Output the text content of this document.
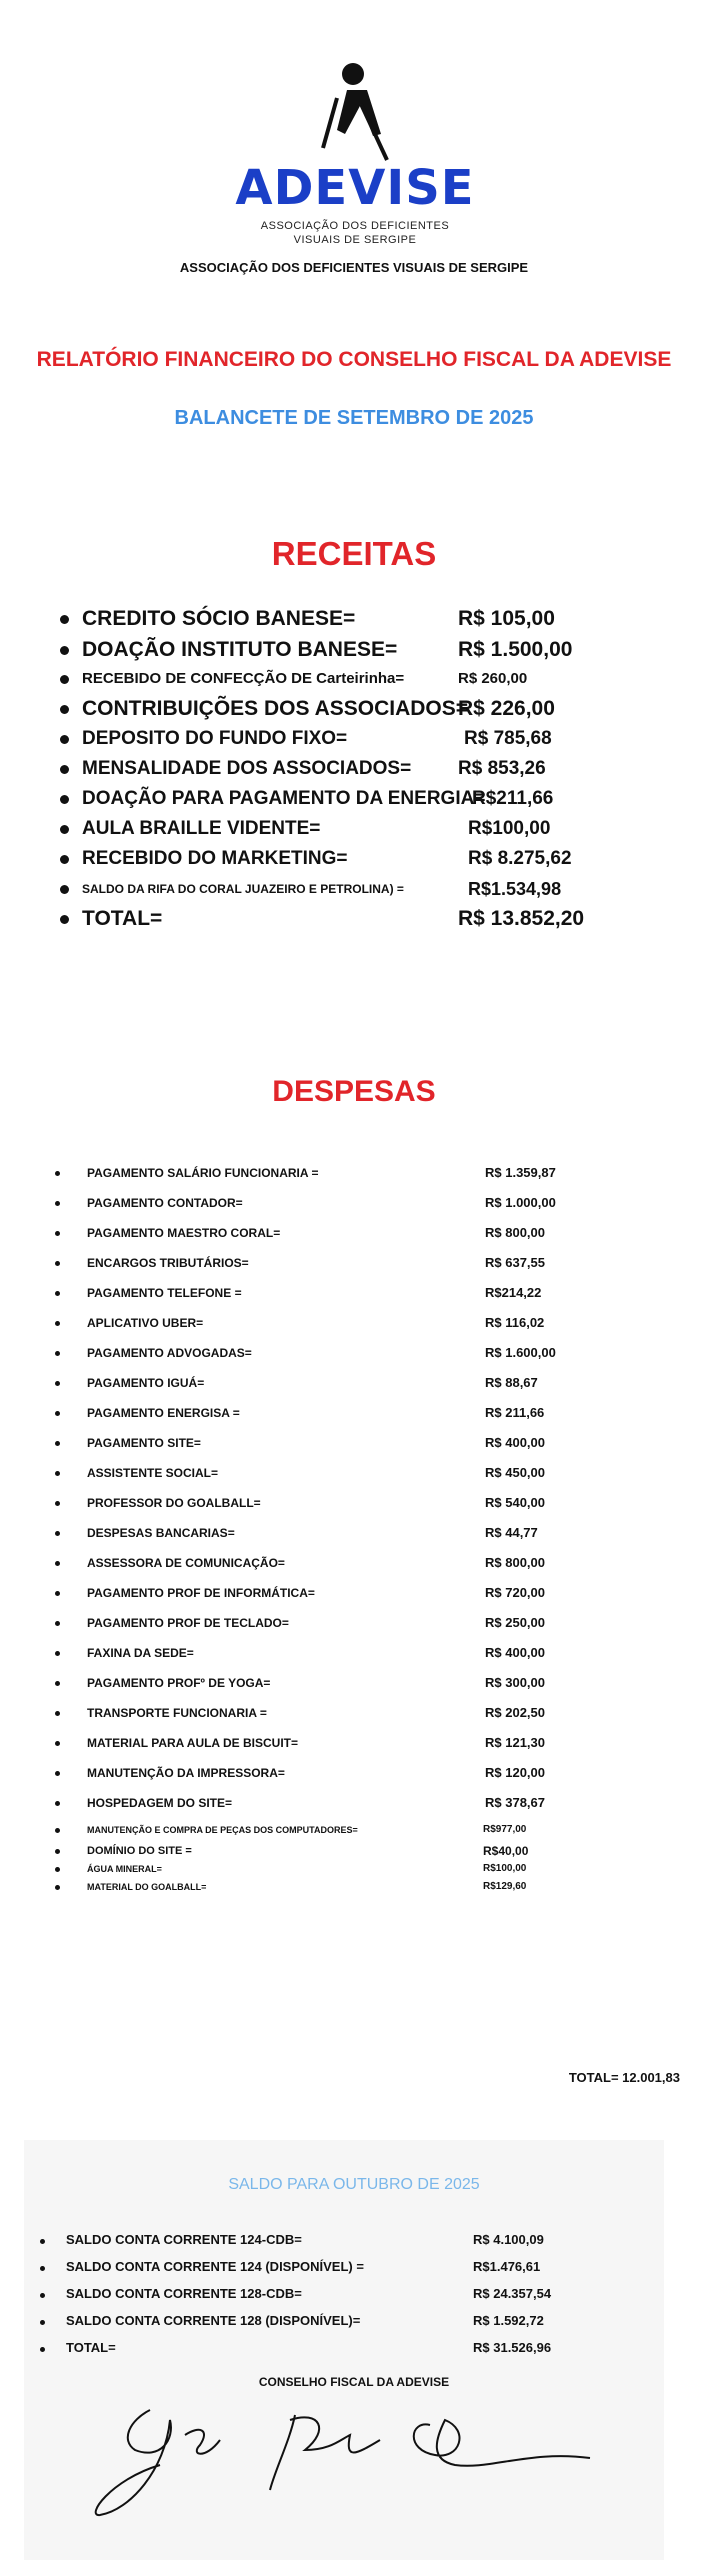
ADEVISE
ASSOCIAÇÃO DOS DEFICIENTES
VISUAIS DE SERGIPE
ASSOCIAÇÃO DOS DEFICIENTES VISUAIS DE SERGIPE
RELATÓRIO FINANCEIRO DO CONSELHO FISCAL DA ADEVISE
BALANCETE DE SETEMBRO DE 2025
RECEITAS
CREDITO SÓCIO BANESE=	R$ 105,00
DOAÇÃO INSTITUTO BANESE=	R$ 1.500,00
RECEBIDO DE CONFECÇÃO DE Carteirinha=	R$ 260,00
CONTRIBUIÇÕES DOS ASSOCIADOS=
R$ 226,00
DEPOSITO DO FUNDO FIXO=	R$ 785,68
MENSALIDADE DOS ASSOCIADOS= R$ 853,26
DOAÇÃO PARA PAGAMENTO DA ENERGIA=
R$211,66
AULA BRAILLE VIDENTE=	R$100,00
RECEBIDO DO MARKETING=	R$ 8.275,62
SALDO DA RIFA DO CORAL JUAZEIRO E PETROLINA) =	R$1.534,98
TOTAL=	R$ 13.852,20
DESPESAS
PAGAMENTO SALÁRIO FUNCIONARIA =	R$ 1.359,87
PAGAMENTO CONTADOR=	R$ 1.000,00
PAGAMENTO MAESTRO CORAL=	R$ 800,00
ENCARGOS TRIBUTÁRIOS=	R$ 637,55
PAGAMENTO TELEFONE =	R$214,22
APLICATIVO UBER=	R$ 116,02
PAGAMENTO ADVOGADAS=	R$ 1.600,00
PAGAMENTO IGUÁ=	R$ 88,67
PAGAMENTO ENERGISA =	R$ 211,66
PAGAMENTO SITE=	R$ 400,00
ASSISTENTE SOCIAL=	R$ 450,00
PROFESSOR DO GOALBALL=	R$ 540,00
DESPESAS BANCARIAS=	R$ 44,77
ASSESSORA DE COMUNICAÇÃO=	R$ 800,00
PAGAMENTO PROF DE INFORMÁTICA=	R$ 720,00
PAGAMENTO PROF DE TECLADO=	R$ 250,00
FAXINA DA SEDE=	R$ 400,00
PAGAMENTO PROFº DE YOGA=	R$ 300,00
TRANSPORTE FUNCIONARIA =	R$ 202,50
MATERIAL PARA AULA DE BISCUIT=	R$ 121,30
MANUTENÇÃO DA IMPRESSORA=	R$ 120,00
HOSPEDAGEM DO SITE=	R$ 378,67
MANUTENÇÃO E COMPRA DE PEÇAS DOS COMPUTADORES=	R$977,00
DOMÍNIO DO SITE =	R$40,00
ÁGUA MINERAL=	R$100,00
MATERIAL DO GOALBALL=	R$129,60
TOTAL= 12.001,83
SALDO PARA OUTUBRO DE 2025
SALDO CONTA CORRENTE 124-CDB=	R$ 4.100,09
SALDO CONTA CORRENTE 124 (DISPONÍVEL) =	R$1.476,61
SALDO CONTA CORRENTE 128-CDB=	R$ 24.357,54
SALDO CONTA CORRENTE 128 (DISPONÍVEL)=	R$ 1.592,72
TOTAL=	R$ 31.526,96
CONSELHO FISCAL DA ADEVISE
